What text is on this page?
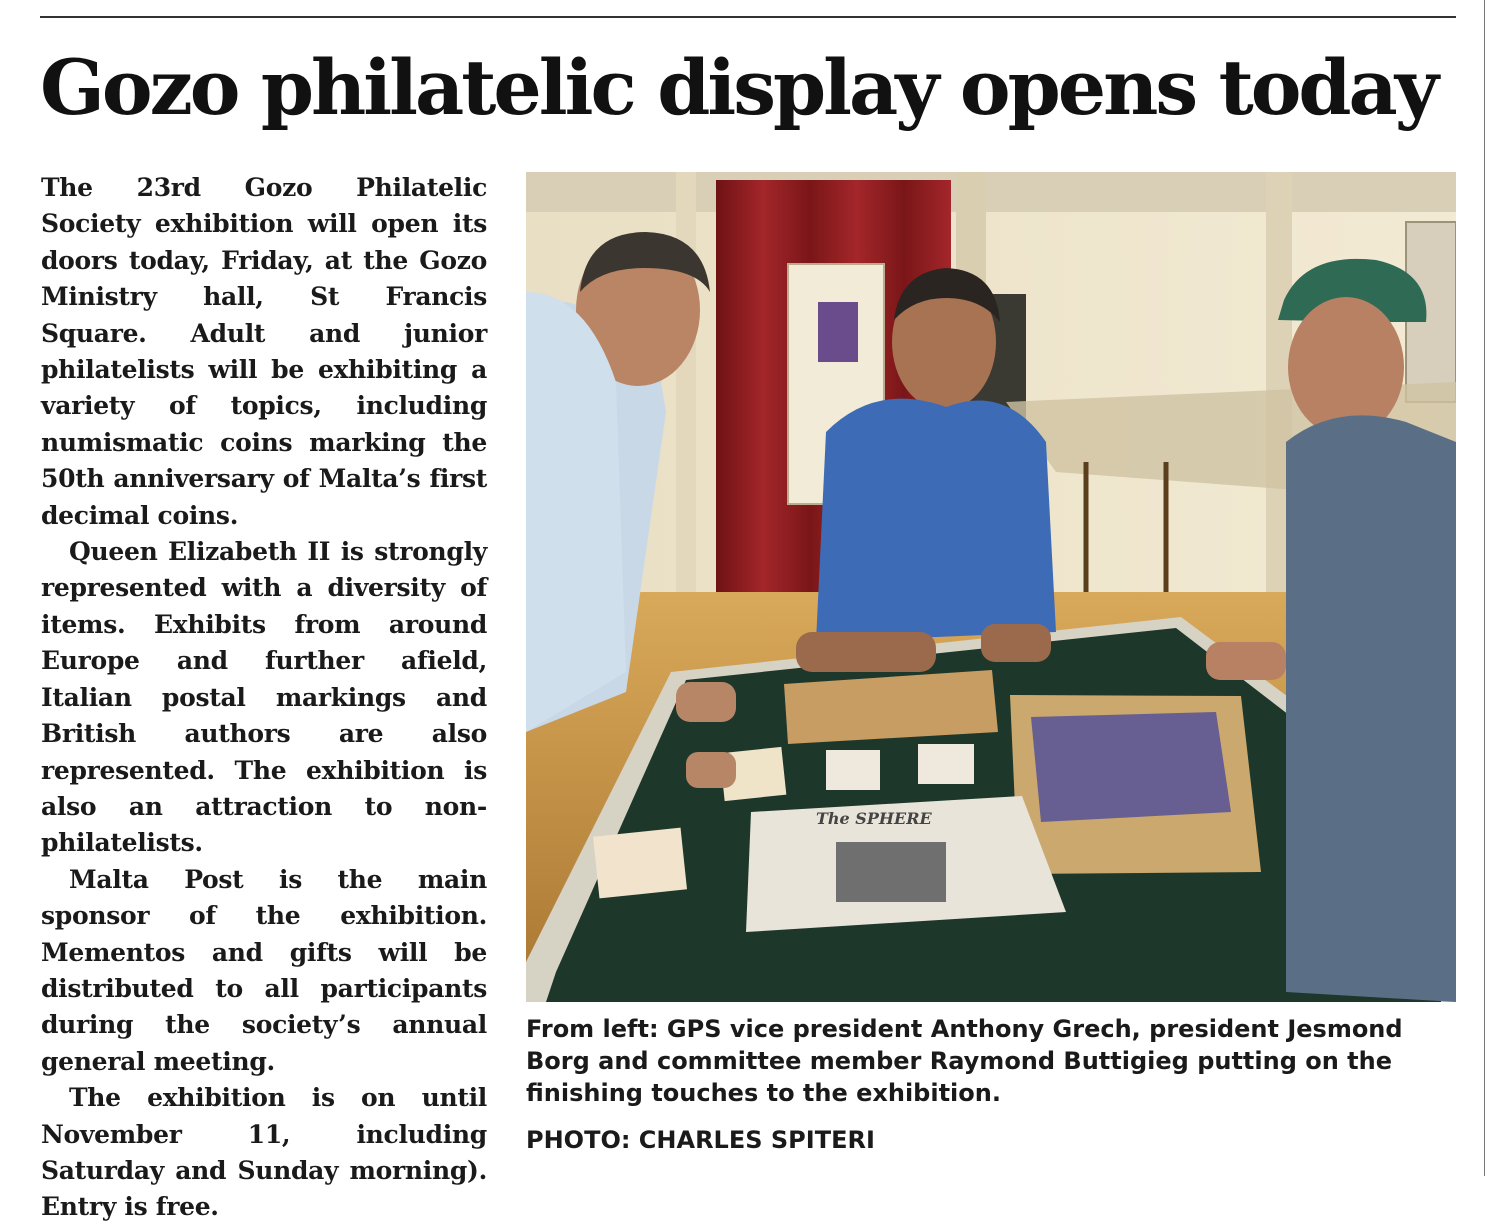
Gozo philatelic display opens today

The 23rd Gozo Philatelic Society exhibition will open its doors today, Friday, at the Gozo Ministry hall, St Francis Square. Adult and junior philatelists will be exhibiting a variety of topics, including numismatic coins marking the 50th anniversary of Malta’s first decimal coins.

Queen Elizabeth II is strongly represented with a diversity of items. Exhibits from around Europe and further afield, Italian postal markings and British authors are also represented. The exhibition is also an attraction to non-philatelists.

Malta Post is the main sponsor of the exhibition. Mementos and gifts will be distributed to all participants during the society’s annual general meeting.

The exhibition is on until November 11, including Saturday and Sunday morning). Entry is free.

The SPHERE

From left: GPS vice president Anthony Grech, president Jesmond Borg and committee member Raymond Buttigieg putting on the finishing touches to the exhibition.

PHOTO: CHARLES SPITERI
